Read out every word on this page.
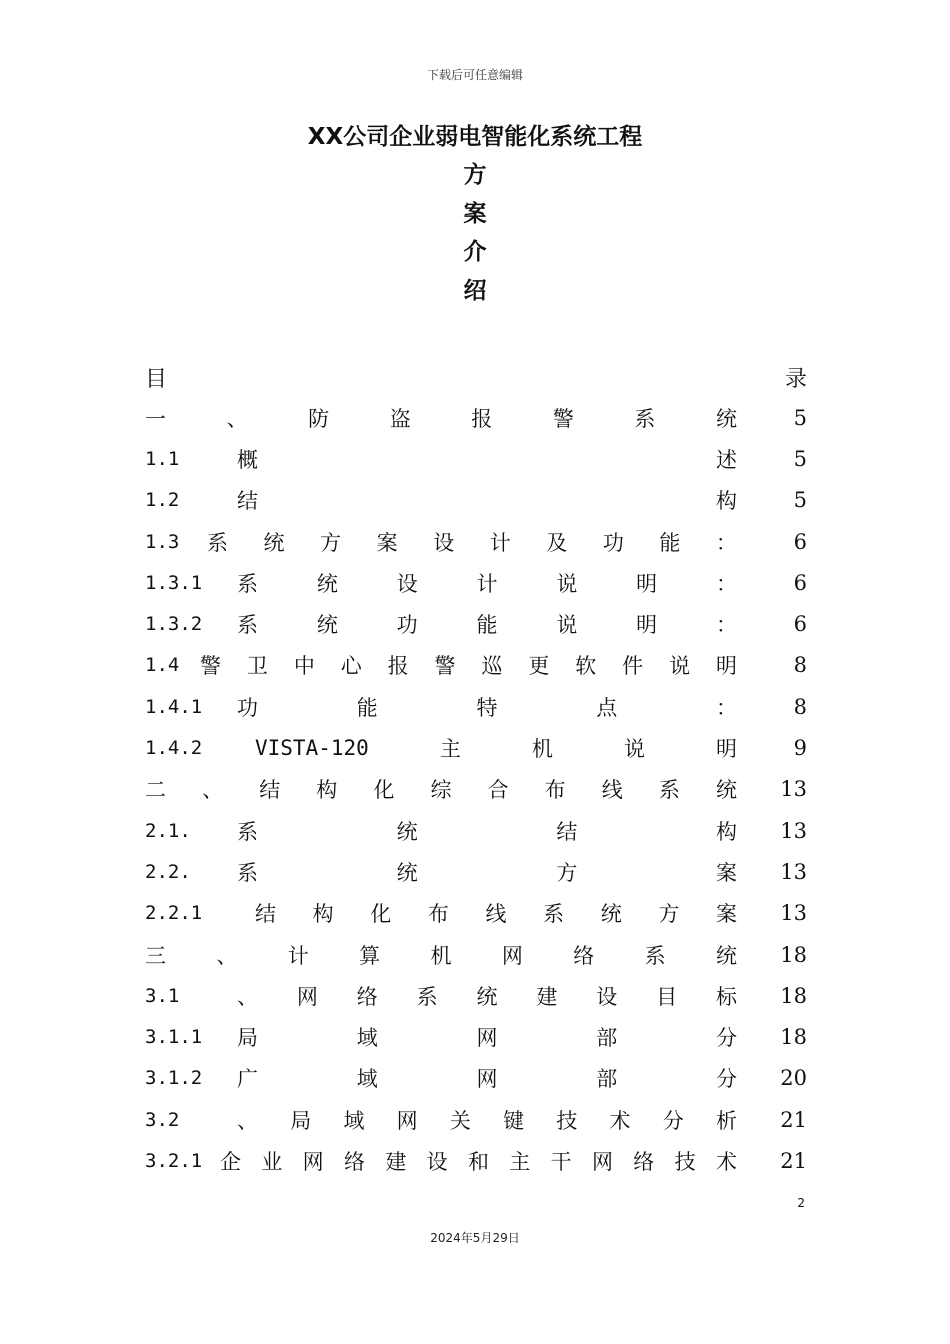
下载后可任意编辑
XX公司企业弱电智能化系统工程
方
案
介
绍
目	录
一	、	防	盗	报	警	系	统	5
1.1	概	述	5
1.2	结	构	5
1.3	系 统 方 案 设 计 及 功 能 ：	6
1.3.1	系	统	设	计	说	明	：	6
1.3.2	系	统	功	能	说	明	：	6
1.4 警 卫 中 心 报 警 巡 更 软 件 说 明	8
1.4.1	功	能	特	点	：	8
1.4.2	VISTA-120	主	机	说	明	9
二 、 结 构 化 综 合 布 线 系 统	13
2.1.	系	统	结	构	13
2.2.	系	统	方	案	13
2.2.1	结 构 化 布 线 系 统 方 案	13
三 、 计 算 机 网 络 系 统	18
3.1	、 网 络 系 统 建 设 目 标	18
3.1.1	局	域	网	部	分	18
3.1.2	广	域	网	部	分	20
3.2	、 局 域 网 关 键 技 术 分 析	21
3.2.1 企 业 网 络 建 设 和 主 干 网 络 技 术	21
2
2024年5月29日
